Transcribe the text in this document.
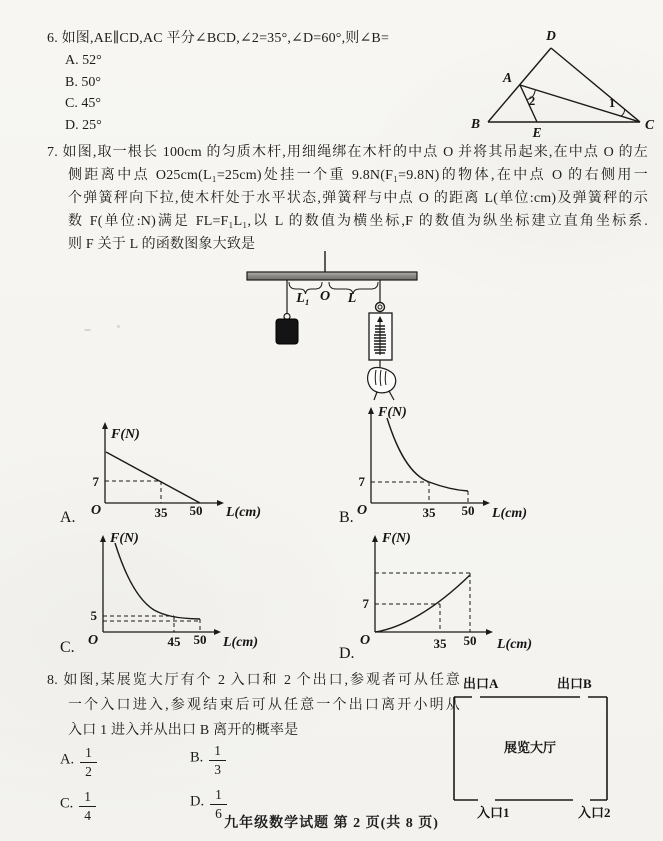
6. 如图,AE∥CD,AC 平分∠BCD,∠2=35°,∠D=60°,则∠B=
A. 52°
B. 50°
C. 45°
D. 25°
D
A
B	C
E
2	1
7. 如图,取一根长 100cm 的匀质木杆,用细绳绑在木杆的中点 O 并将其吊起来,在中点 O 的左
侧距离中点 O25cm(L₁=25cm)处挂一个重 9.8N(F₁=9.8N)的物体,在中点 O 的右侧用一
个弹簧秤向下拉,使木杆处于水平状态,弹簧秤与中点 O 的距离 L(单位:cm)及弹簧秤的示
数 F(单位:N)满足 FL=F₁L₁,以 L 的数值为横坐标,F 的数值为纵坐标建立直角坐标系.
则 F 关于 L 的函数图象大致是
L₁ O L
7
O	35 50
F(N)
L(cm)
A.
7
O	35 50
F(N)
L(cm)
B.
5
O	45 50
F(N)
L(cm)
C.
7
O	35 50
F(N)
L(cm)
D.
8. 如图,某展览大厅有个 2 入口和 2 个出口,参观者可从任意
一个入口进入,参观结束后可从任意一个出口离开小明从
入口 1 进入并从出口 B 离开的概率是
A. $\frac{1}{2}$	B. $\frac{1}{3}$
C. $\frac{1}{4}$	D. $\frac{1}{6}$
出口A	出口B
展览大厅
入口1	入口2
九年级数学试题 第 2 页(共 8 页)
